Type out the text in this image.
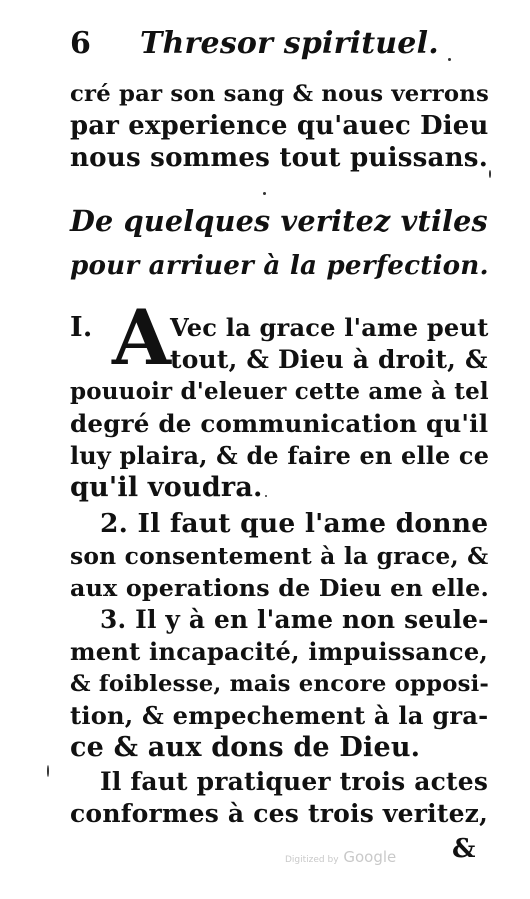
6 Thresor spirituel.
cré par son sang & nous verrons
par experience qu'auec Dieu
nous sommes tout puissans.
De quelques veritez vtiles
pour arriuer à la perfection.
I. A Vec la grace l'ame peut
tout, & Dieu à droit, &
pouuoir d'eleuer cette ame à tel
degré de communication qu'il
luy plaira, & de faire en elle ce
qu'il voudra.
2. Il faut que l'ame donne
son consentement à la grace, &
aux operations de Dieu en elle.
3. Il y à en l'ame non seule-
ment incapacité, impuissance,
& foiblesse, mais encore opposi-
tion, & empechement à la gra-
ce & aux dons de Dieu.
Il faut pratiquer trois actes
conformes à ces trois veritez,
&
Digitized by Google
